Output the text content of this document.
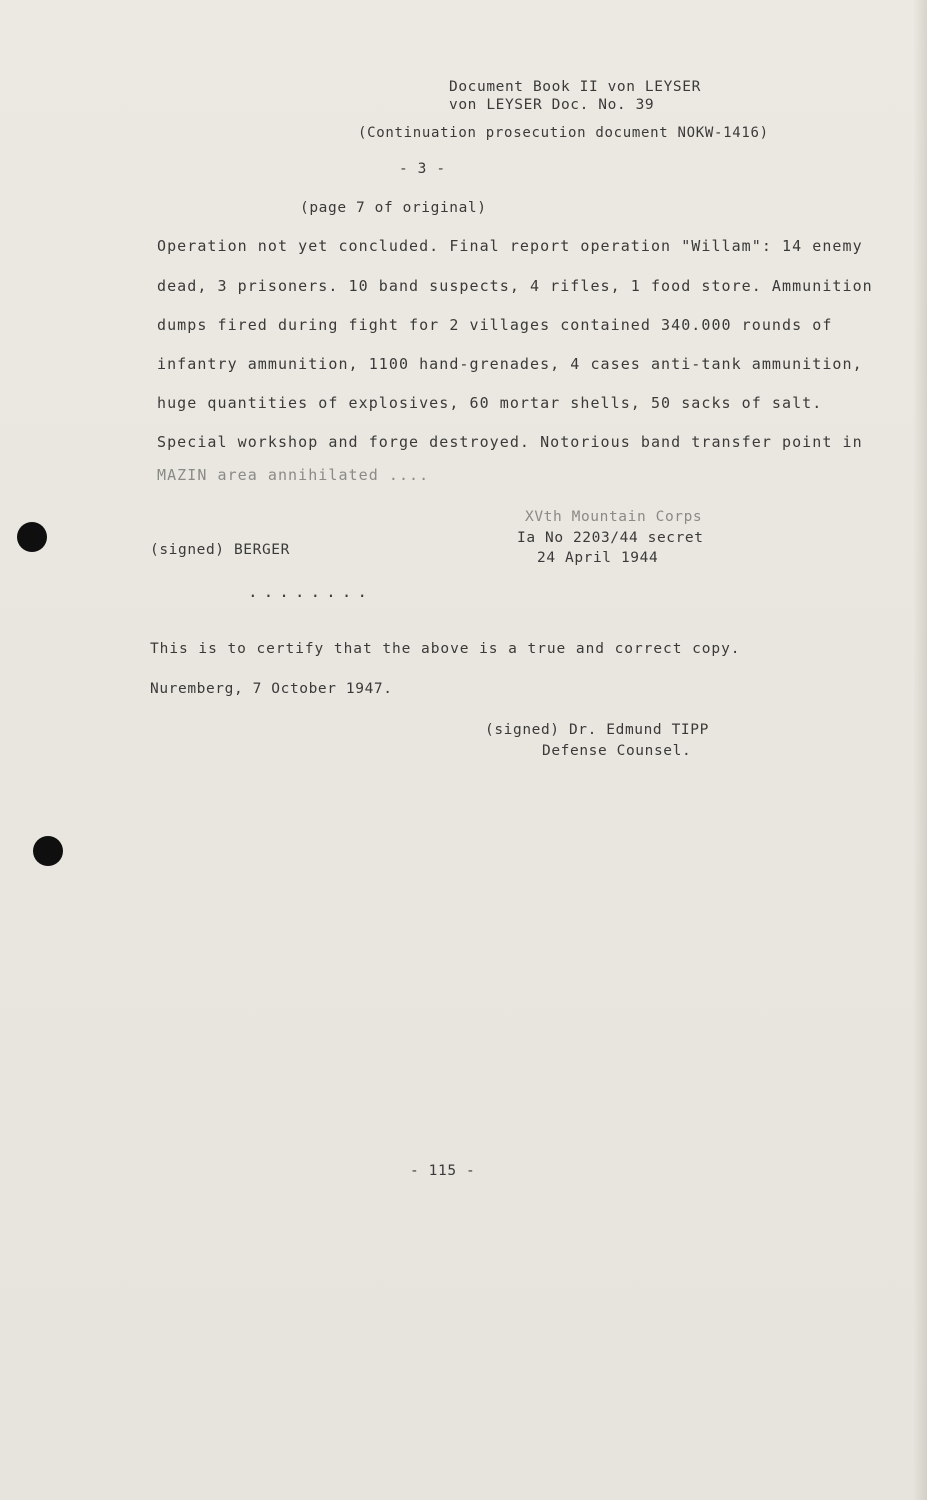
Document Book II von LEYSER
von LEYSER Doc. No. 39
(Continuation prosecution document NOKW-1416)
- 3 -
(page 7 of original)
Operation not yet concluded. Final report operation "Willam": 14 enemy
dead, 3 prisoners. 10 band suspects, 4 rifles, 1 food store. Ammunition
dumps fired during fight for 2 villages contained 340.000 rounds of
infantry ammunition, 1100 hand-grenades, 4 cases anti-tank ammunition,
huge quantities of explosives, 60 mortar shells, 50 sacks of salt.
Special workshop and forge destroyed. Notorious band transfer point in
MAZIN area annihilated ....
XVth Mountain Corps
Ia No 2203/44 secret
24 April 1944
(signed) BERGER
........
This is to certify that the above is a true and correct copy.
Nuremberg, 7 October 1947.
(signed) Dr. Edmund TIPP
Defense Counsel.
- 115 -
